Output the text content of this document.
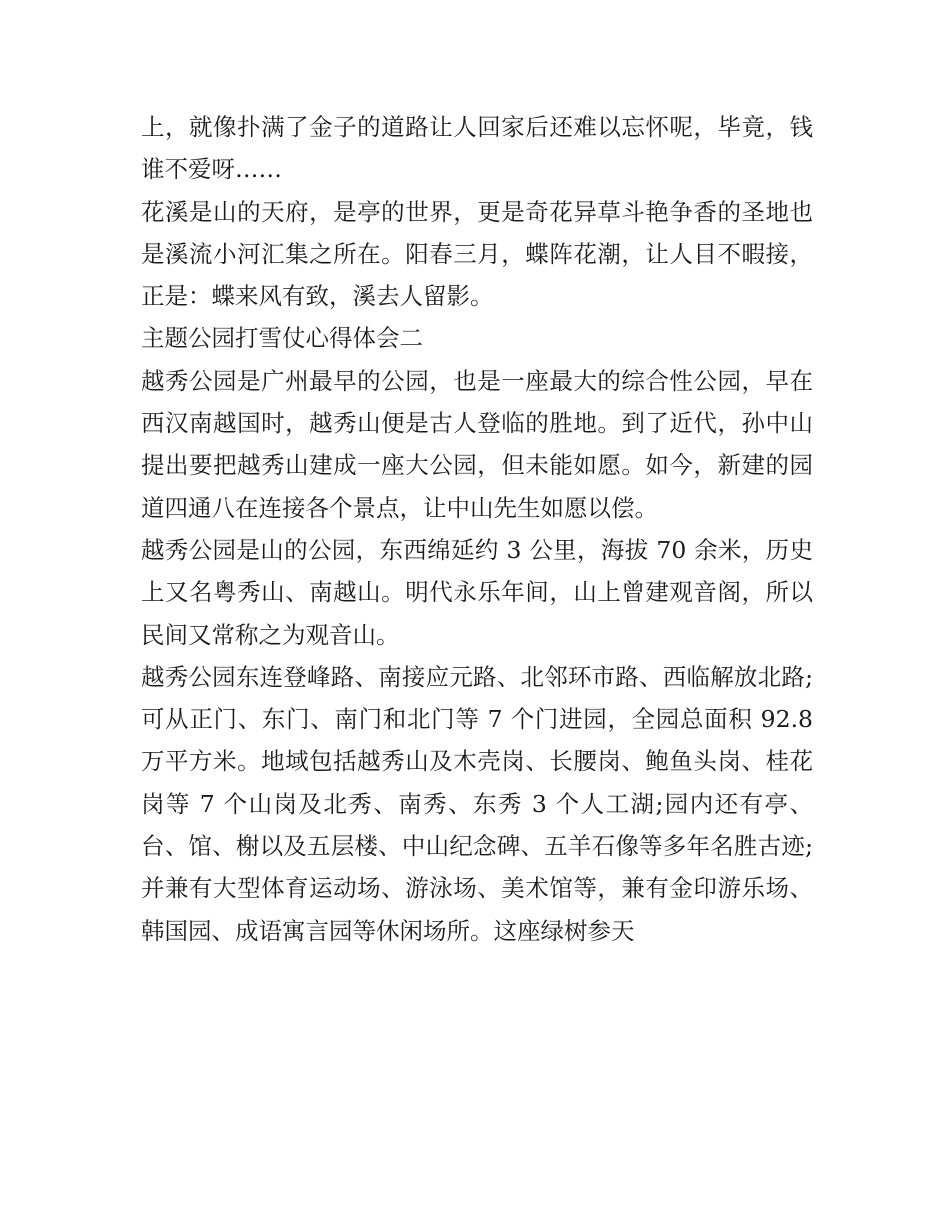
上，就像扑满了金子的道路让人回家后还难以忘怀呢，毕竟，钱谁不爱呀……

花溪是山的天府，是亭的世界，更是奇花异草斗艳争香的圣地也是溪流小河汇集之所在。阳春三月，蝶阵花潮，让人目不暇接，正是：蝶来风有致，溪去人留影。

主题公园打雪仗心得体会二

越秀公园是广州最早的公园，也是一座最大的综合性公园，早在西汉南越国时，越秀山便是古人登临的胜地。到了近代，孙中山提出要把越秀山建成一座大公园，但未能如愿。如今，新建的园道四通八在连接各个景点，让中山先生如愿以偿。

越秀公园是山的公园，东西绵延约 3 公里，海拔 70 余米，历史上又名粤秀山、南越山。明代永乐年间，山上曾建观音阁，所以民间又常称之为观音山。

越秀公园东连登峰路、南接应元路、北邻环市路、西临解放北路;可从正门、东门、南门和北门等 7 个门进园，全园总面积 92.8 万平方米。地域包括越秀山及木壳岗、长腰岗、鲍鱼头岗、桂花岗等 7 个山岗及北秀、南秀、东秀 3 个人工湖;园内还有亭、台、馆、榭以及五层楼、中山纪念碑、五羊石像等多年名胜古迹;并兼有大型体育运动场、游泳场、美术馆等，兼有金印游乐场、韩国园、成语寓言园等休闲场所。这座绿树参天
